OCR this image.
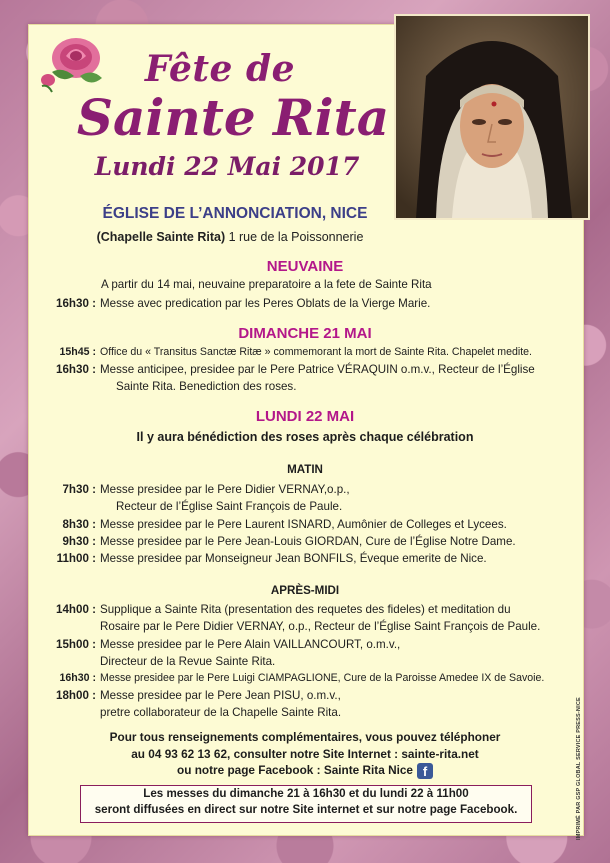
Fête de
Sainte Rita
Lundi 22 Mai 2017
ÉGLISE DE L’ANNONCIATION, NICE
(Chapelle Sainte Rita) 1 rue de la Poissonnerie
NEUVAINE
A partir du 14 mai, neuvaine preparatoire a la fete de Sainte Rita
16h30 : Messe avec predication par les Peres Oblats de la Vierge Marie.
DIMANCHE 21 MAI
15h45 : Office du « Transitus Sanctæ Ritæ » commemorant la mort de Sainte Rita. Chapelet medite.
16h30 : Messe anticipee, presidee par le Pere Patrice VÉRAQUIN o.m.v., Recteur de l’Église
Sainte Rita. Benediction des roses.
LUNDI 22 MAI
Il y aura bénédiction des roses après chaque célébration
MATIN
7h30 : Messe presidee par le Pere Didier VERNAY,o.p.,
Recteur de l’Église Saint François de Paule.
8h30 : Messe presidee par le Pere Laurent ISNARD, Aumônier de Colleges et Lycees.
9h30 : Messe presidee par le Pere Jean-Louis GIORDAN, Cure de l’Église Notre Dame.
11h00 : Messe presidee par Monseigneur Jean BONFILS, Éveque emerite de Nice.
APRÈS-MIDI
14h00 : Supplique a Sainte Rita (presentation des requetes des fideles) et meditation du
Rosaire par le Pere Didier VERNAY, o.p., Recteur de l’Église Saint François de Paule.
15h00 : Messe presidee par le Pere Alain VAILLANCOURT, o.m.v.,
Directeur de la Revue Sainte Rita.
16h30 : Messe presidee par le Pere Luigi CIAMPAGLIONE, Cure de la Paroisse Amedee IX de Savoie.
18h00 : Messe presidee par le Pere Jean PISU, o.m.v.,
pretre collaborateur de la Chapelle Sainte Rita.
Pour tous renseignements complémentaires, vous pouvez téléphoner
au 04 93 62 13 62, consulter notre Site Internet : sainte-rita.net
ou notre page Facebook : Sainte Rita Nice f
Les messes du dimanche 21 à 16h30 et du lundi 22 à 11h00
seront diffusées en direct sur notre Site internet et sur notre page Facebook.	IMPRIMÉ PAR GSP GLOBAL SERVICE PRESS-NICE
